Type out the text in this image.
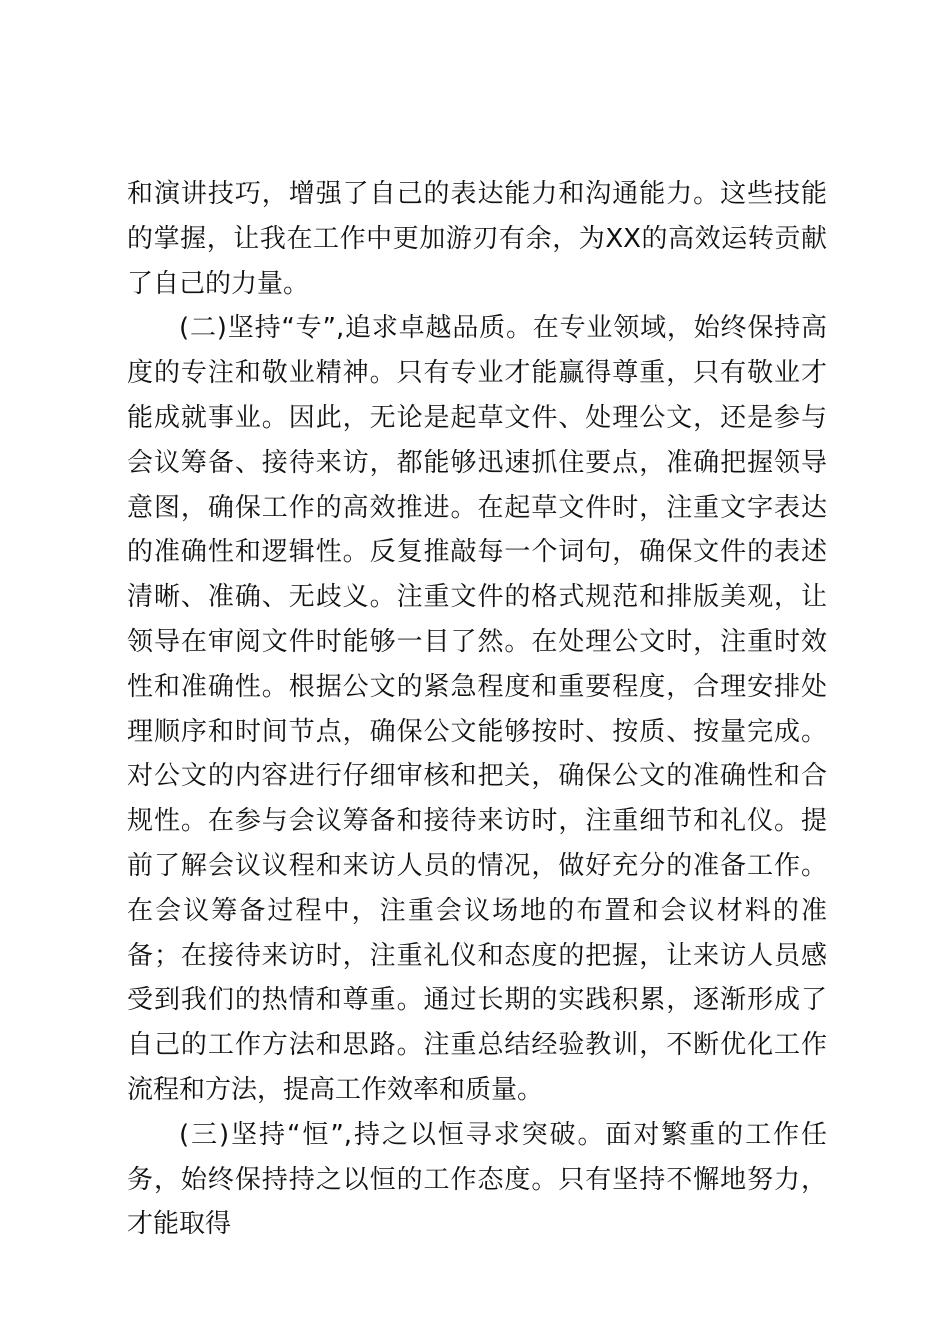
和演讲技巧，增强了自己的表达能力和沟通能力。这些技能的掌握，让我在工作中更加游刃有余，为XX的高效运转贡献了自己的力量。

(二)坚持“专”,追求卓越品质。在专业领域，始终保持高度的专注和敬业精神。只有专业才能赢得尊重，只有敬业才能成就事业。因此，无论是起草文件、处理公文，还是参与会议筹备、接待来访，都能够迅速抓住要点，准确把握领导意图，确保工作的高效推进。在起草文件时，注重文字表达的准确性和逻辑性。反复推敲每一个词句，确保文件的表述清晰、准确、无歧义。注重文件的格式规范和排版美观，让领导在审阅文件时能够一目了然。在处理公文时，注重时效性和准确性。根据公文的紧急程度和重要程度，合理安排处理顺序和时间节点，确保公文能够按时、按质、按量完成。对公文的内容进行仔细审核和把关，确保公文的准确性和合规性。在参与会议筹备和接待来访时，注重细节和礼仪。提前了解会议议程和来访人员的情况，做好充分的准备工作。在会议筹备过程中，注重会议场地的布置和会议材料的准备；在接待来访时，注重礼仪和态度的把握，让来访人员感受到我们的热情和尊重。通过长期的实践积累，逐渐形成了自己的工作方法和思路。注重总结经验教训，不断优化工作流程和方法，提高工作效率和质量。

(三)坚持“恒”,持之以恒寻求突破。面对繁重的工作任务，始终保持持之以恒的工作态度。只有坚持不懈地努力，才能取得
